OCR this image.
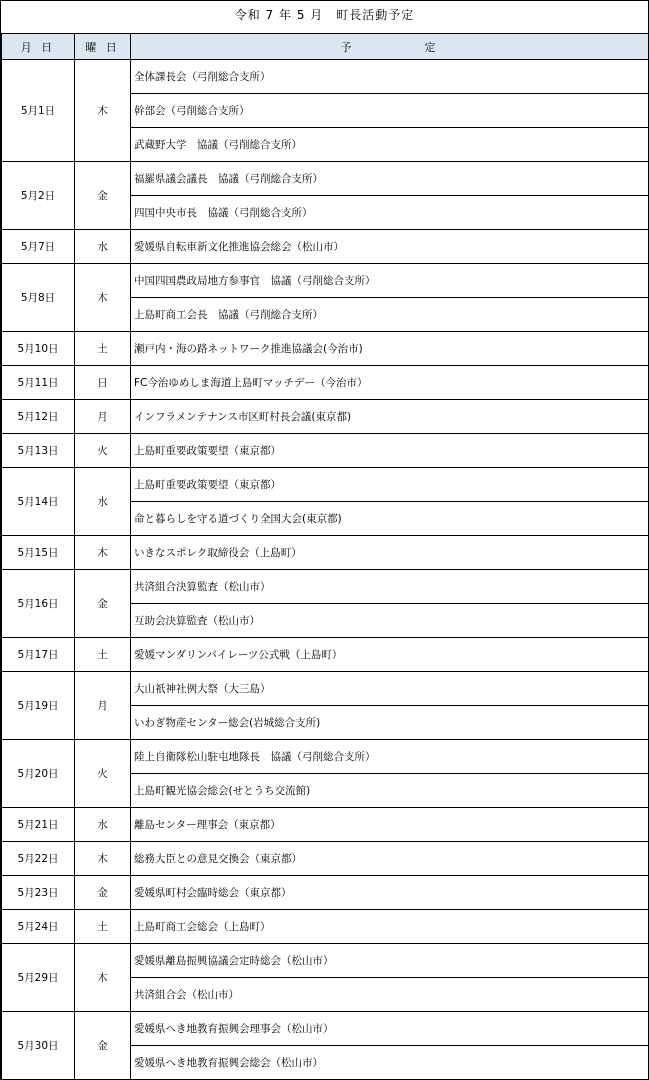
令和 7 年 5 月　町長活動予定
月 日	曜 日	予　　　　　定
5月1日	木	全体課長会（弓削総合支所）
		幹部会（弓削総合支所）
		武蔵野大学　協議（弓削総合支所）
5月2日	金	福羅県議会議長　協議（弓削総合支所）
		四国中央市長　協議（弓削総合支所）
5月7日	水	愛媛県自転車新文化推進協会総会（松山市）
5月8日	木	中国四国農政局地方参事官　協議（弓削総合支所）
		上島町商工会長　協議（弓削総合支所）
5月10日	土	瀬戸内・海の路ネットワーク推進協議会(今治市)
5月11日	日	FC今治ゆめしま海道上島町マッチデー（今治市）
5月12日	月	インフラメンテナンス市区町村長会議(東京都)
5月13日	火	上島町重要政策要望（東京都）
5月14日	水	上島町重要政策要望（東京都）
		命と暮らしを守る道づくり全国大会(東京都)
5月15日	木	いきなスポレク取締役会（上島町）
5月16日	金	共済組合決算監査（松山市）
		互助会決算監査（松山市）
5月17日	土	愛媛マンダリンパイレーツ公式戦（上島町）
5月19日	月	大山祇神社例大祭（大三島）
		いわぎ物産センター総会(岩城総合支所)
5月20日	火	陸上自衛隊松山駐屯地隊長　協議（弓削総合支所）
		上島町観光協会総会(せとうち交流館)
5月21日	水	離島センター理事会（東京都）
5月22日	木	総務大臣との意見交換会（東京都）
5月23日	金	愛媛県町村会臨時総会（東京都）
5月24日	土	上島町商工会総会（上島町）
5月29日	木	愛媛県離島振興協議会定時総会（松山市）
		共済組合会（松山市）
5月30日	金	愛媛県へき地教育振興会理事会（松山市）
		愛媛県へき地教育振興会総会（松山市）
